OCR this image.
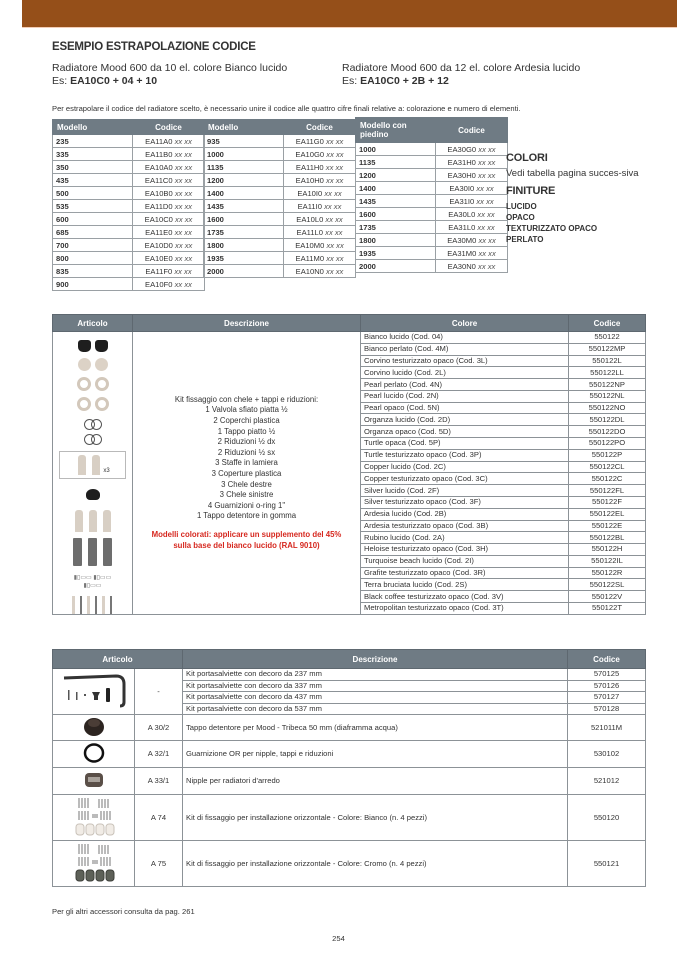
ESEMPIO ESTRAPOLAZIONE CODICE
Radiatore Mood 600 da 10 el. colore Bianco lucido
Es: EA10C0 + 04 + 10
Radiatore Mood 600 da 12 el. colore Ardesia lucido
Es: EA10C0 + 2B + 12
Per estrapolare il codice del radiatore scelto, è necessario unire il codice alle quattro cifre finali relative a: colorazione e numero di elementi.
Modello	Codice
235	EA11A0 xx xx
335	EA11B0 xx xx
350	EA10A0 xx xx
435	EA11C0 xx xx
500	EA10B0 xx xx
535	EA11D0 xx xx
600	EA10C0 xx xx
685	EA11E0 xx xx
700	EA10D0 xx xx
800	EA10E0 xx xx
835	EA11F0 xx xx
900	EA10F0 xx xx
Modello	Codice
935	EA11G0 xx xx
1000	EA10G0 xx xx
1135	EA11H0 xx xx
1200	EA10H0 xx xx
1400	EA10I0 xx xx
1435	EA11I0 xx xx
1600	EA10L0 xx xx
1735	EA11L0 xx xx
1800	EA10M0 xx xx
1935	EA11M0 xx xx
2000	EA10N0 xx xx
Modello con piedino	Codice
1000	EA30G0 xx xx
1135	EA31H0 xx xx
1200	EA30H0 xx xx
1400	EA30I0 xx xx
1435	EA31I0 xx xx
1600	EA30L0 xx xx
1735	EA31L0 xx xx
1800	EA30M0 xx xx
1935	EA31M0 xx xx
2000	EA30N0 xx xx
COLORI
Vedi tabella pagina succes-siva
FINITURE
LUCIDO
OPACO
TEXTURIZZATO OPACO
PERLATO
Articolo	Descrizione	Colore	Codice

x3
▮▯▭▭ ▮▯▭▭
▮▯▭▭

Kit fissaggio con chele + tappi e riduzioni:
1 Valvola sfiato piatta ½
2 Coperchi plastica
1 Tappo piatto ½
2 Riduzioni ½ dx
2 Riduzioni ½ sx
3 Staffe in lamiera
3 Coperture plastica
3 Chele destre
3 Chele sinistre
4 Guarnizioni o-ring 1"
1 Tappo detentore in gomma
Modelli colorati: applicare un supplemento del 45% sulla base del bianco lucido (RAL 9010)
	Bianco lucido (Cod. 04)	550122
		Bianco perlato (Cod. 4M)	550122MP
		Corvino testurizzato opaco (Cod. 3L)	550122L
		Corvino lucido (Cod. 2L)	550122LL
		Pearl perlato (Cod. 4N)	550122NP
		Pearl lucido (Cod. 2N)	550122NL
		Pearl opaco (Cod. 5N)	550122NO
		Organza lucido (Cod. 2D)	550122DL
		Organza opaco (Cod. 5D)	550122DO
		Turtle opaca (Cod. 5P)	550122PO
		Turtle testurizzato opaco (Cod. 3P)	550122P
		Copper lucido (Cod. 2C)	550122CL
		Copper testurizzato opaco (Cod. 3C)	550122C
		Silver lucido (Cod. 2F)	550122FL
		Silver testurizzato opaco (Cod. 3F)	550122F
		Ardesia lucido (Cod. 2B)	550122EL
		Ardesia testurizzato opaco (Cod. 3B)	550122E
		Rubino lucido (Cod. 2A)	550122BL
		Heloise testurizzato opaco (Cod. 3H)	550122H
		Turquoise beach lucido (Cod. 2I)	550122IL
		Grafite testurizzato opaco (Cod. 3R)	550122R
		Terra bruciata lucido (Cod. 2S)	550122SL
		Black coffee testurizzato opaco (Cod. 3V)	550122V
		Metropolitan testurizzato opaco (Cod. 3T)	550122T
Articolo		Descrizione	Codice
	-	Kit portasalviette con decoro da 237 mm	570125
		Kit portasalviette con decoro da 337 mm	570126
		Kit portasalviette con decoro da 437 mm	570127
		Kit portasalviette con decoro da 537 mm	570128
	A 30/2	Tappo detentore per Mood - Tribeca 50 mm (diaframma acqua)	521011M
	A 32/1	Guarnizione OR per nipple, tappi e riduzioni	530102
	A 33/1	Nipple per radiatori d'arredo	521012
	A 74	Kit di fissaggio per installazione orizzontale - Colore: Bianco (n. 4 pezzi)	550120
	A 75	Kit di fissaggio per installazione orizzontale - Colore: Cromo (n. 4 pezzi)	550121
Per gli altri accessori consulta da pag. 261
254
